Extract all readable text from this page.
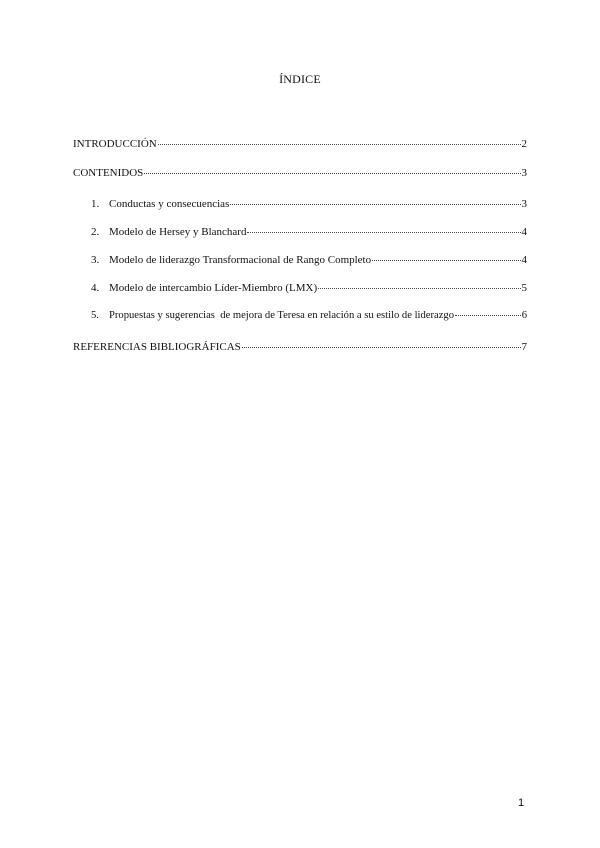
ÍNDICE
INTRODUCCIÓN	2
CONTENIDOS	3
1. Conductas y consecuencias	3
2. Modelo de Hersey y Blanchard	4
3. Modelo de liderazgo Transformacional de Rango Completo	4
4. Modelo de intercambio Líder-Miembro (LMX)	5
5. Propuestas y sugerencias  de mejora de Teresa en relación a su estilo de liderazgo	6
REFERENCIAS BIBLIOGRÁFICAS	7
1
